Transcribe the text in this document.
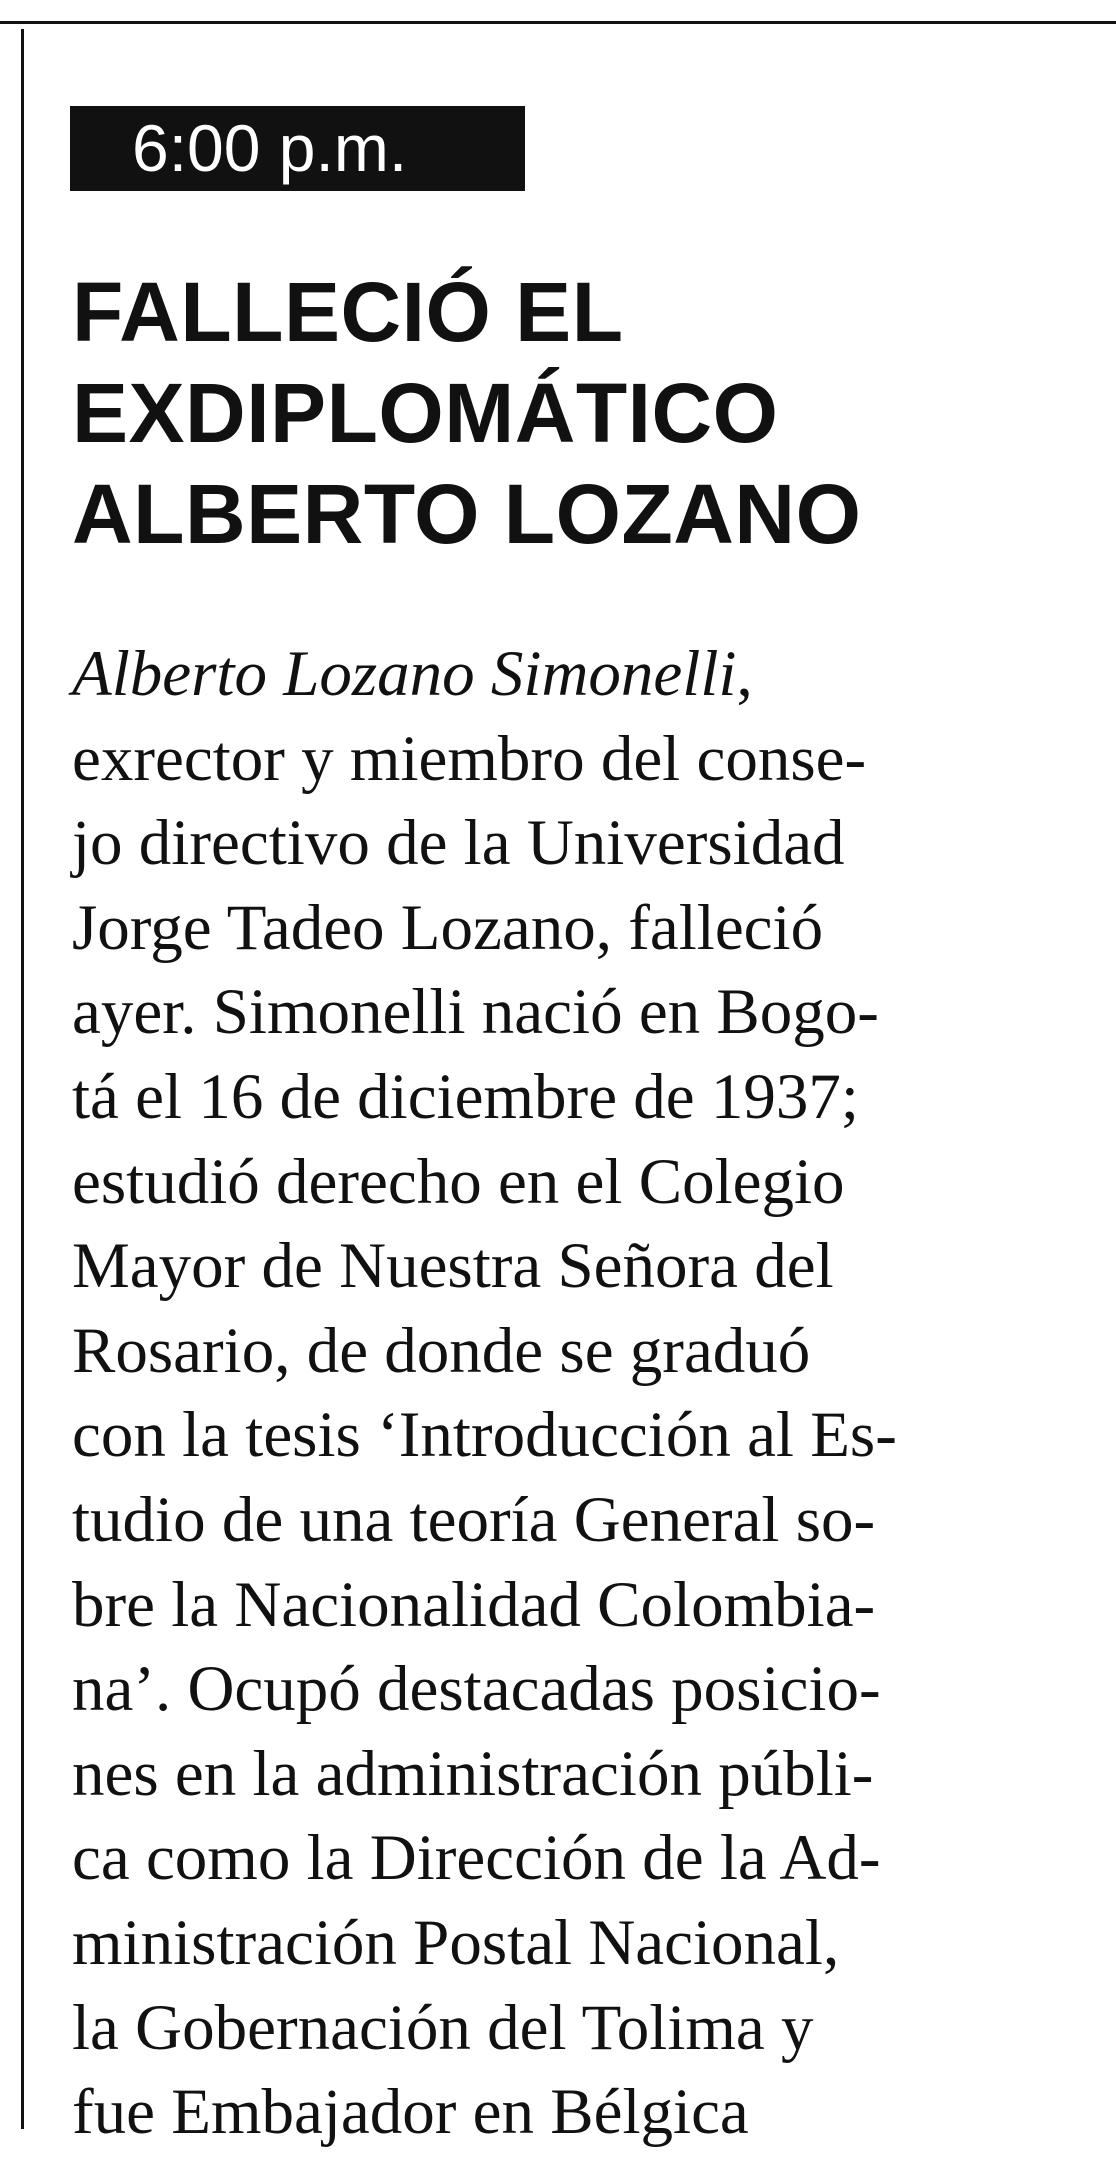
6:00 p.m.
FALLECIÓ EL
EXDIPLOMÁTICO
ALBERTO LOZANO
Alberto Lozano Simonelli,
exrector y miembro del conse-
jo directivo de la Universidad
Jorge Tadeo Lozano, falleció
ayer. Simonelli nació en Bogo-
tá el 16 de diciembre de 1937;
estudió derecho en el Colegio
Mayor de Nuestra Señora del
Rosario, de donde se graduó
con la tesis ‘Introducción al Es-
tudio de una teoría General so-
bre la Nacionalidad Colombia-
na’. Ocupó destacadas posicio-
nes en la administración públi-
ca como la Dirección de la Ad-
ministración Postal Nacional,
la Gobernación del Tolima y
fue Embajador en Bélgica
